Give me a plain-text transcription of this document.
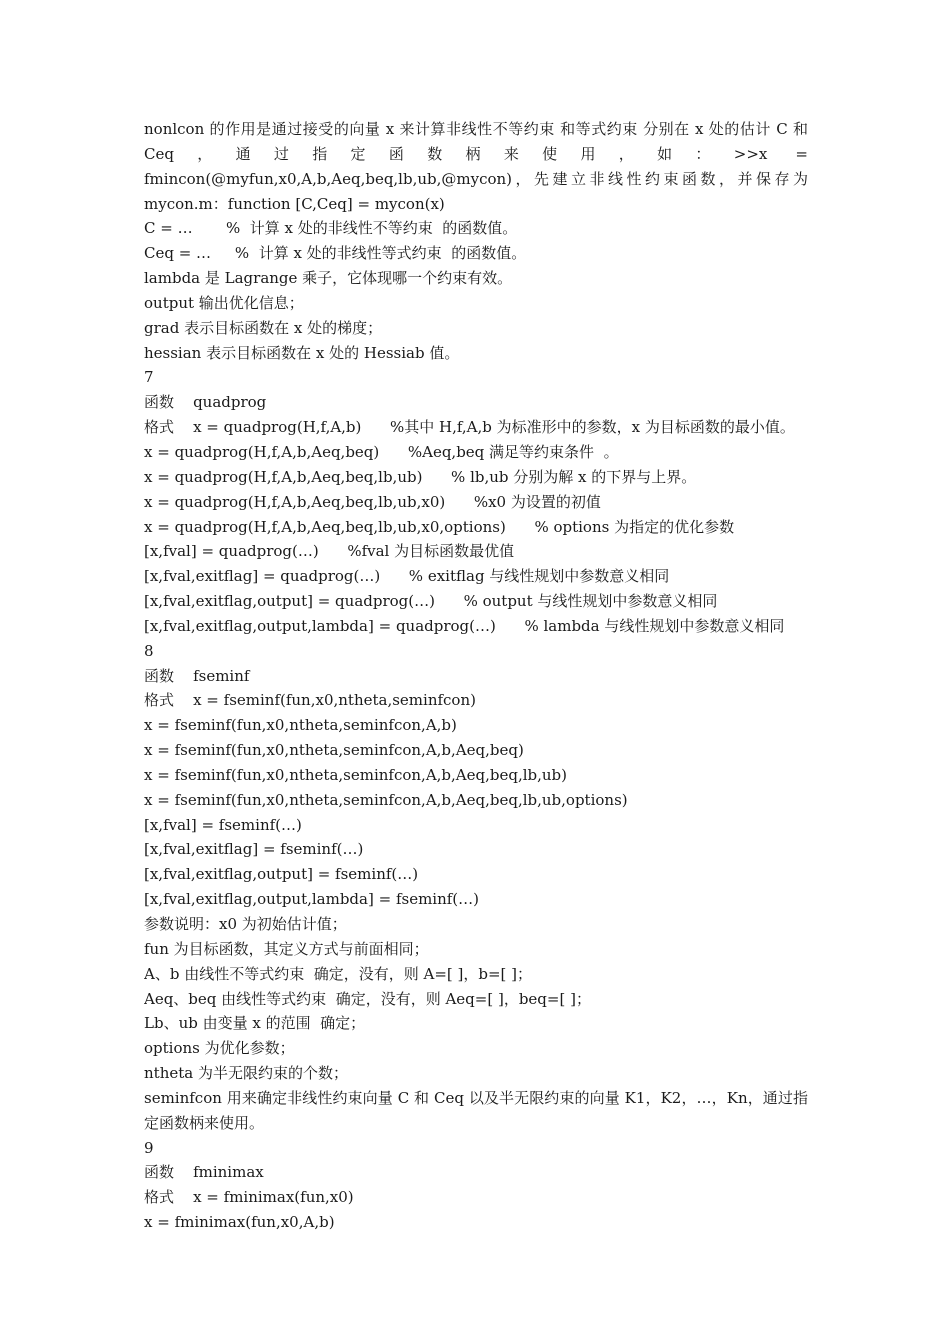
nonlcon 的作用是通过接受的向量 x 来计算非线性不等约束 和等式约束 分别在 x 处的估计 C 和 Ceq，通过指定函数柄来使用，如：>>x = fmincon(@myfun,x0,A,b,Aeq,beq,lb,ub,@mycon)，先建立非线性约束函数，并保存为 mycon.m：function [C,Ceq] = mycon(x)
C = …       %  计算 x 处的非线性不等约束  的函数值。
Ceq = …     %  计算 x 处的非线性等式约束  的函数值。
lambda 是 Lagrange 乘子，它体现哪一个约束有效。
output 输出优化信息；
grad 表示目标函数在 x 处的梯度；
hessian 表示目标函数在 x 处的 Hessiab 值。
7
函数    quadprog
格式    x = quadprog(H,f,A,b)      %其中 H,f,A,b 为标准形中的参数，x 为目标函数的最小值。
x = quadprog(H,f,A,b,Aeq,beq)      %Aeq,beq 满足等约束条件  。
x = quadprog(H,f,A,b,Aeq,beq,lb,ub)      % lb,ub 分别为解 x 的下界与上界。
x = quadprog(H,f,A,b,Aeq,beq,lb,ub,x0)      %x0 为设置的初值
x = quadprog(H,f,A,b,Aeq,beq,lb,ub,x0,options)      % options 为指定的优化参数
[x,fval] = quadprog(…)      %fval 为目标函数最优值
[x,fval,exitflag] = quadprog(…)      % exitflag 与线性规划中参数意义相同
[x,fval,exitflag,output] = quadprog(…)      % output 与线性规划中参数意义相同
[x,fval,exitflag,output,lambda] = quadprog(…)      % lambda 与线性规划中参数意义相同
8
函数    fseminf
格式    x = fseminf(fun,x0,ntheta,seminfcon)
x = fseminf(fun,x0,ntheta,seminfcon,A,b)
x = fseminf(fun,x0,ntheta,seminfcon,A,b,Aeq,beq)
x = fseminf(fun,x0,ntheta,seminfcon,A,b,Aeq,beq,lb,ub)
x = fseminf(fun,x0,ntheta,seminfcon,A,b,Aeq,beq,lb,ub,options)
[x,fval] = fseminf(…)
[x,fval,exitflag] = fseminf(…)
[x,fval,exitflag,output] = fseminf(…)
[x,fval,exitflag,output,lambda] = fseminf(…)
参数说明：x0 为初始估计值；
fun 为目标函数，其定义方式与前面相同；
A、b 由线性不等式约束  确定，没有，则 A=[ ]，b=[ ]；
Aeq、beq 由线性等式约束  确定，没有，则 Aeq=[ ]，beq=[ ]；
Lb、ub 由变量 x 的范围  确定；
options 为优化参数；
ntheta 为半无限约束的个数；
seminfcon 用来确定非线性约束向量 C 和 Ceq 以及半无限约束的向量 K1，K2，…，Kn，通过指定函数柄来使用。
9
函数    fminimax
格式    x = fminimax(fun,x0)
x = fminimax(fun,x0,A,b)
